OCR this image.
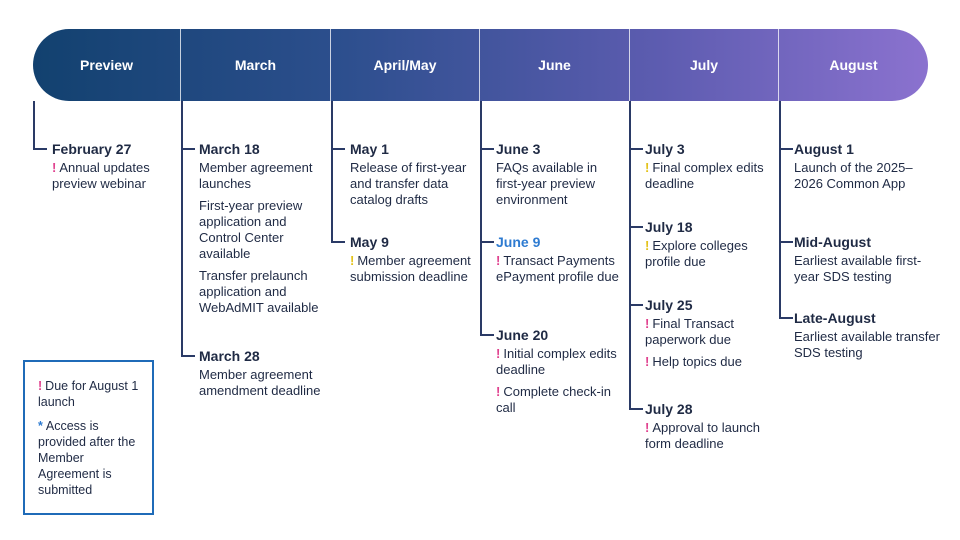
Preview	March	April/May	June	July	August
February 27
! Annual updates preview webinar
March 18
Member agreement launches
First-year preview application and Control Center available
Transfer prelaunch application and WebAdMIT available
March 28
Member agreement amendment deadline
May 1
Release of first-year and transfer data catalog drafts
May 9
! Member agreement submission deadline
June 3
FAQs available in first-year preview environment
June 9
! Transact Payments ePayment profile due
June 20
! Initial complex edits deadline
! Complete check-in call
July 3
! Final complex edits deadline
July 18
! Explore colleges profile due
July 25
! Final Transact paperwork due
! Help topics due
July 28
! Approval to launch form deadline
August 1
Launch of the 2025–2026 Common App
Mid-August
Earliest available first-year SDS testing
Late-August
Earliest available transfer SDS testing
! Due for August 1 launch
* Access is provided after the Member Agreement is submitted
